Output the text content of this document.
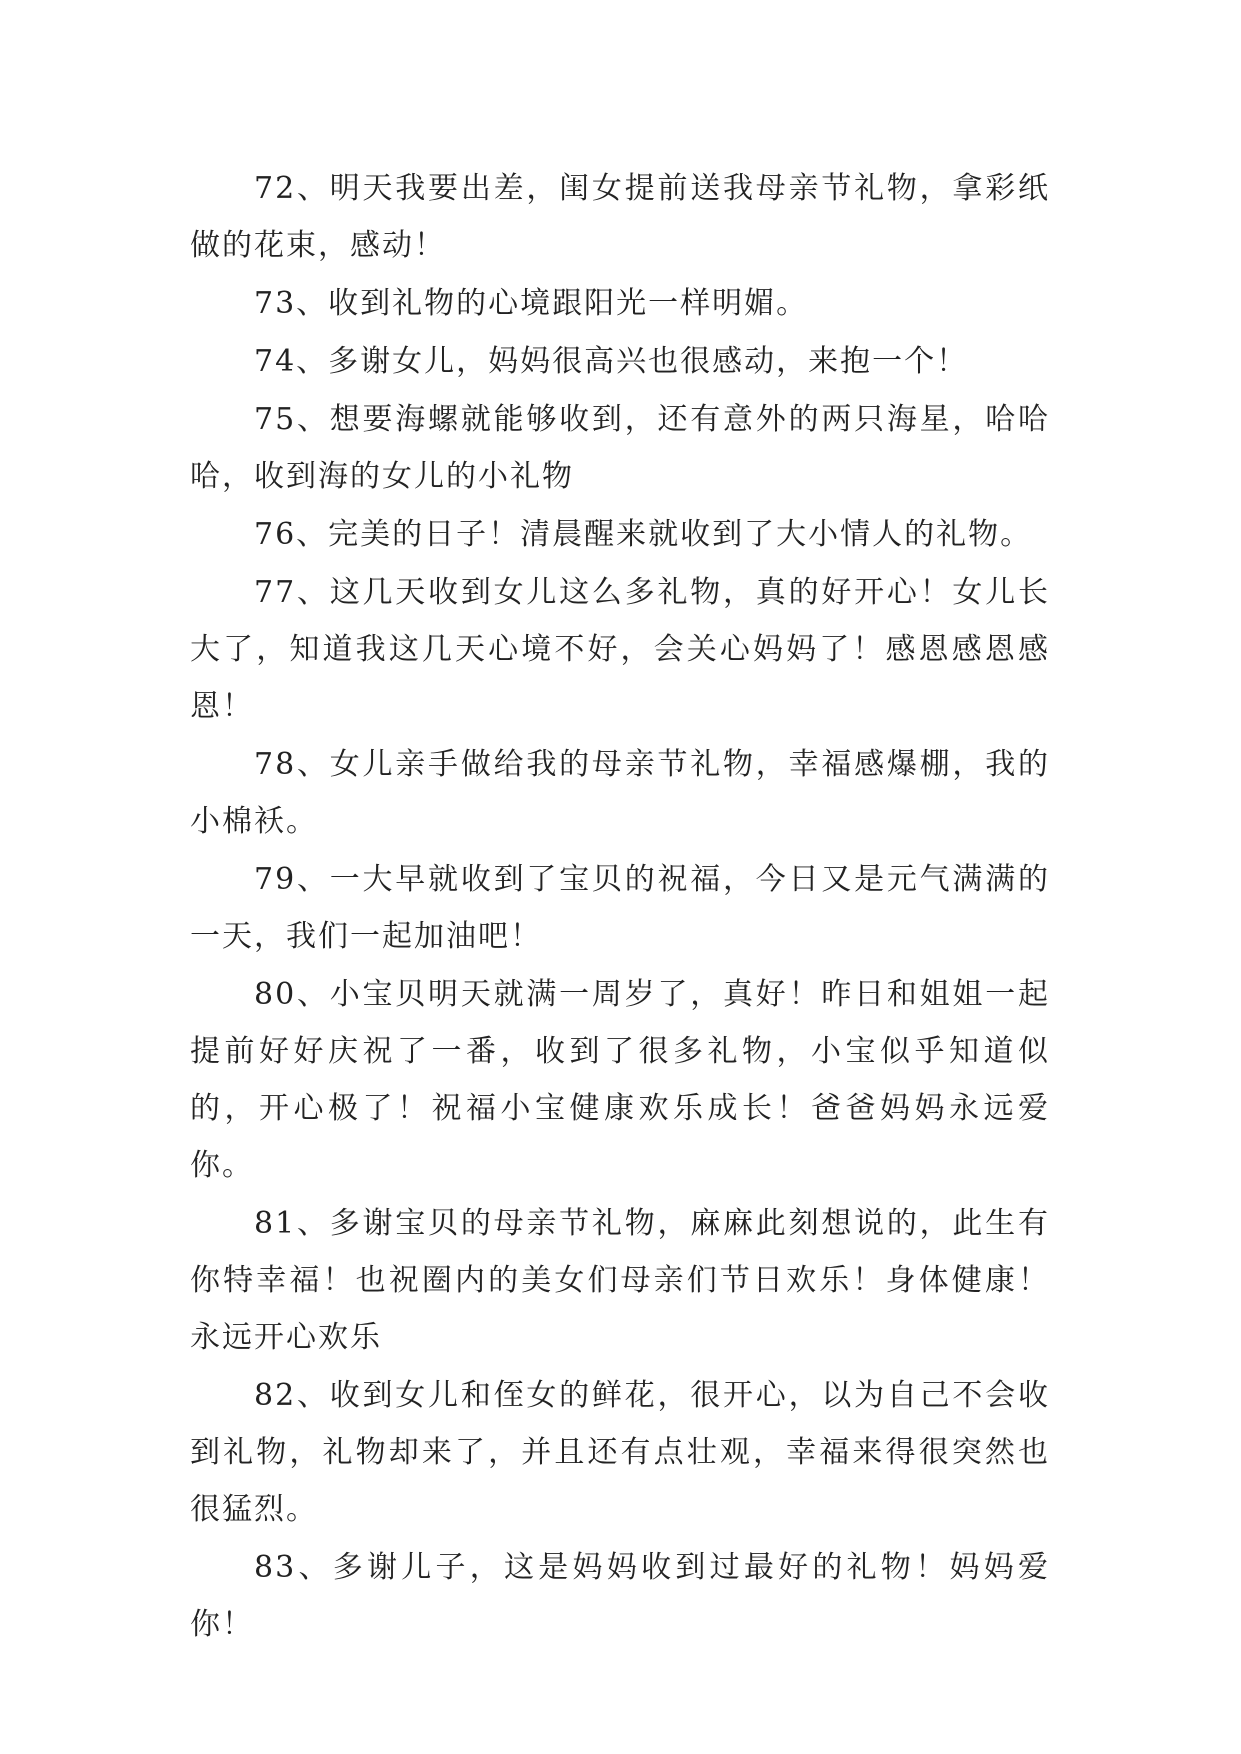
72、明天我要出差，闺女提前送我母亲节礼物，拿彩纸做的花束，感动！

73、收到礼物的心境跟阳光一样明媚。

74、多谢女儿，妈妈很高兴也很感动，来抱一个！

75、想要海螺就能够收到，还有意外的两只海星，哈哈哈，收到海的女儿的小礼物

76、完美的日子！清晨醒来就收到了大小情人的礼物。

77、这几天收到女儿这么多礼物，真的好开心！女儿长大了，知道我这几天心境不好，会关心妈妈了！感恩感恩感恩！

78、女儿亲手做给我的母亲节礼物，幸福感爆棚，我的小棉袄。

79、一大早就收到了宝贝的祝福，今日又是元气满满的一天，我们一起加油吧！

80、小宝贝明天就满一周岁了，真好！昨日和姐姐一起提前好好庆祝了一番，收到了很多礼物，小宝似乎知道似的，开心极了！祝福小宝健康欢乐成长！爸爸妈妈永远爱你。

81、多谢宝贝的母亲节礼物，麻麻此刻想说的，此生有你特幸福！也祝圈内的美女们母亲们节日欢乐！身体健康！永远开心欢乐

82、收到女儿和侄女的鲜花，很开心，以为自己不会收到礼物，礼物却来了，并且还有点壮观，幸福来得很突然也很猛烈。

83、多谢儿子，这是妈妈收到过最好的礼物！妈妈爱你！
